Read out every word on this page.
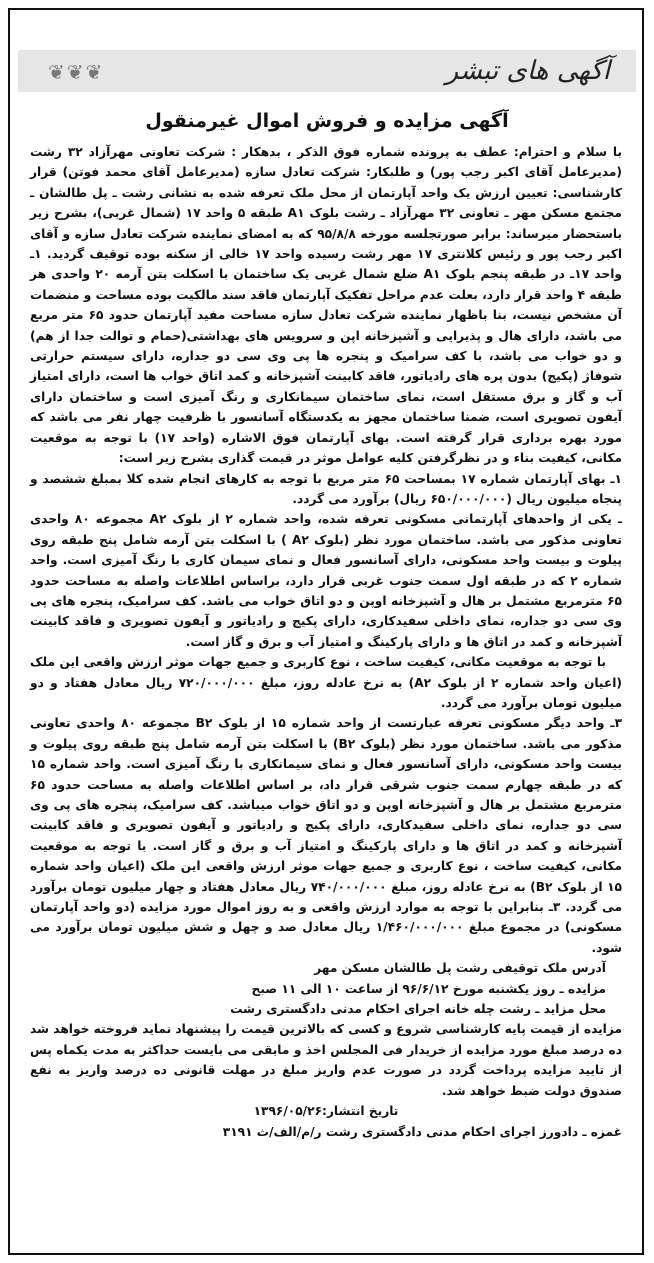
❦❦❦	آگهی های تبشر
آگهی مزایده و فروش اموال غیرمنقول

با سلام و احترام: عطف به پرونده شماره فوق الذکر ، بدهکار : شرکت تعاونی مهرآزاد ۳۲ رشت (مدیرعامل آقای اکبر رجب پور) و طلبکار: شرکت تعادل سازه (مدیرعامل آقای محمد فوتن) قرار کارشناسی: تعیین ارزش یک واحد آپارتمان از محل ملک تعرفه شده به نشانی رشت ـ پل طالشان ـ مجتمع مسکن مهر ـ تعاونی ۳۲ مهرآزاد ـ رشت بلوک A۱ طبقه ۵ واحد ۱۷ (شمال غربی)، بشرح زیر باستحضار میرساند: برابر صورتجلسه مورخه ۹۵/۸/۸ که به امضای نماینده شرکت تعادل سازه و آقای اکبر رجب پور و رئیس کلانتری ۱۷ مهر رشت رسیده واحد ۱۷ خالی از سکنه بوده توقیف گردید. ۱ـ واحد ۱۷ـ در طبقه پنجم بلوک A۱ ضلع شمال غربی یک ساختمان با اسکلت بتن آرمه ۲۰ واحدی هر طبقه ۴ واحد قرار دارد، بعلت عدم مراحل تفکیک آپارتمان فاقد سند مالکیت بوده مساحت و منضمات آن مشخص نیست، بنا باظهار نماینده شرکت تعادل سازه مساحت مفید آپارتمان حدود ۶۵ متر مربع می باشد، دارای هال و پذیرایی و آشپزخانه اپن و سرویس های بهداشتی(حمام و توالت جدا از هم) و دو خواب می باشد، با کف سرامیک و پنجره ها پی وی سی دو جداره، دارای سیستم حرارتی شوفاژ (پکیج) بدون پره های رادیاتور، فاقد کابینت آشپزخانه و کمد اتاق خواب ها است، دارای امتیاز آب و گاز و برق مستقل است، نمای ساختمان سیمانکاری و رنگ آمیزی است و ساختمان دارای آیفون تصویری است، ضمنا ساختمان مجهز به یکدستگاه آسانسور با ظرفیت چهار نفر می باشد که مورد بهره برداری قرار گرفته است. بهای آپارتمان فوق الاشاره (واحد ۱۷) با توجه به موقعیت مکانی، کیفیت بناء و در نظرگرفتن کلیه عوامل موثر در قیمت گذاری بشرح زیر است:

۱ـ بهای آپارتمان شماره ۱۷ بمساحت ۶۵ متر مربع با توجه به کارهای انجام شده کلا بمبلغ ششصد و پنجاه میلیون ریال (۶۵۰/۰۰۰/۰۰۰ ریال) برآورد می گردد.

ـ یکی از واحدهای آپارتمانی مسکونی تعرفه شده، واحد شماره ۲ از بلوک A۲ مجموعه ۸۰ واحدی تعاونی مذکور می باشد. ساختمان مورد نظر (بلوک A۲ ) با اسکلت بتن آرمه شامل پنج طبقه روی پیلوت و بیست واحد مسکونی، دارای آسانسور فعال و نمای سیمان کاری با رنگ آمیزی است. واحد شماره ۲ که در طبقه اول سمت جنوب غربی قرار دارد، براساس اطلاعات واصله به مساحت حدود ۶۵ مترمربع مشتمل بر هال و آشپزخانه اوپن و دو اتاق خواب می باشد. کف سرامیک، پنجره های پی وی سی دو جداره، نمای داخلی سفیدکاری، دارای پکیج و رادیاتور و آیفون تصویری و فاقد کابینت آشپزخانه و کمد در اتاق ها و دارای پارکینگ و امتیاز آب و برق و گاز است.

با توجه به موقعیت مکانی، کیفیت ساخت ، نوع کاربری و جمیع جهات موثر ارزش واقعی این ملک (اعیان واحد شماره ۲ از بلوک A۲) به نرخ عادله روز، مبلغ ۷۲۰/۰۰۰/۰۰۰ ریال معادل هفتاد و دو میلیون تومان برآورد می گردد.

۳ـ واحد دیگر مسکونی تعرفه عبارتست از واحد شماره ۱۵ از بلوک B۲ مجموعه ۸۰ واحدی تعاونی مذکور می باشد. ساختمان مورد نظر (بلوک B۲) با اسکلت بتن آرمه شامل پنج طبقه روی پیلوت و بیست واحد مسکونی، دارای آسانسور فعال و نمای سیمانکاری با رنگ آمیزی است. واحد شماره ۱۵ که در طبقه چهارم سمت جنوب شرقی قرار داد، بر اساس اطلاعات واصله به مساحت حدود ۶۵ مترمربع مشتمل بر هال و آشپزخانه اوپن و دو اتاق خواب میباشد. کف سرامیک، پنجره های پی وی سی دو جداره، نمای داخلی سفیدکاری، دارای پکیج و رادیاتور و آیفون تصویری و فاقد کابینت آشپزخانه و کمد در اتاق ها و دارای پارکینگ و امتیاز آب و برق و گاز است. با توجه به موقعیت مکانی، کیفیت ساخت ، نوع کاربری و جمیع جهات موثر ارزش واقعی این ملک (اعیان واحد شماره ۱۵ از بلوک B۲) به نرخ عادله روز، مبلغ ۷۴۰/۰۰۰/۰۰۰ ریال معادل هفتاد و چهار میلیون تومان برآورد می گردد. ۳ـ بنابراین با توجه به موارد ارزش واقعی و به روز اموال مورد مزایده (دو واحد آپارتمان مسکونی) در مجموع مبلغ ۱/۴۶۰/۰۰۰/۰۰۰ ریال معادل صد و چهل و شش میلیون تومان برآورد می شود.

آدرس ملک توقیفی رشت پل طالشان مسکن مهر

مزایده ـ روز یکشنبه مورخ ۹۶/۶/۱۲ از ساعت ۱۰ الی ۱۱ صبح

محل مزاید ـ رشت چله خانه اجرای احکام مدنی دادگستری رشت

مزایده از قیمت پایه کارشناسی شروع و کسی که بالاترین قیمت را پیشنهاد نماید فروخته خواهد شد ده درصد مبلغ مورد مزایده از خریدار فی المجلس اخذ و مابقی می بایست حداکثر به مدت یکماه پس از تایید مزایده پرداخت گردد در صورت عدم واریز مبلغ در مهلت قانونی ده درصد واریز به نفع صندوق دولت ضبط خواهد شد.

تاریخ انتشار:۱۳۹۶/۰۵/۲۶

غمزه ـ دادورز اجرای احکام مدنی دادگستری رشت ر/م/الف/ث ۳۱۹۱
